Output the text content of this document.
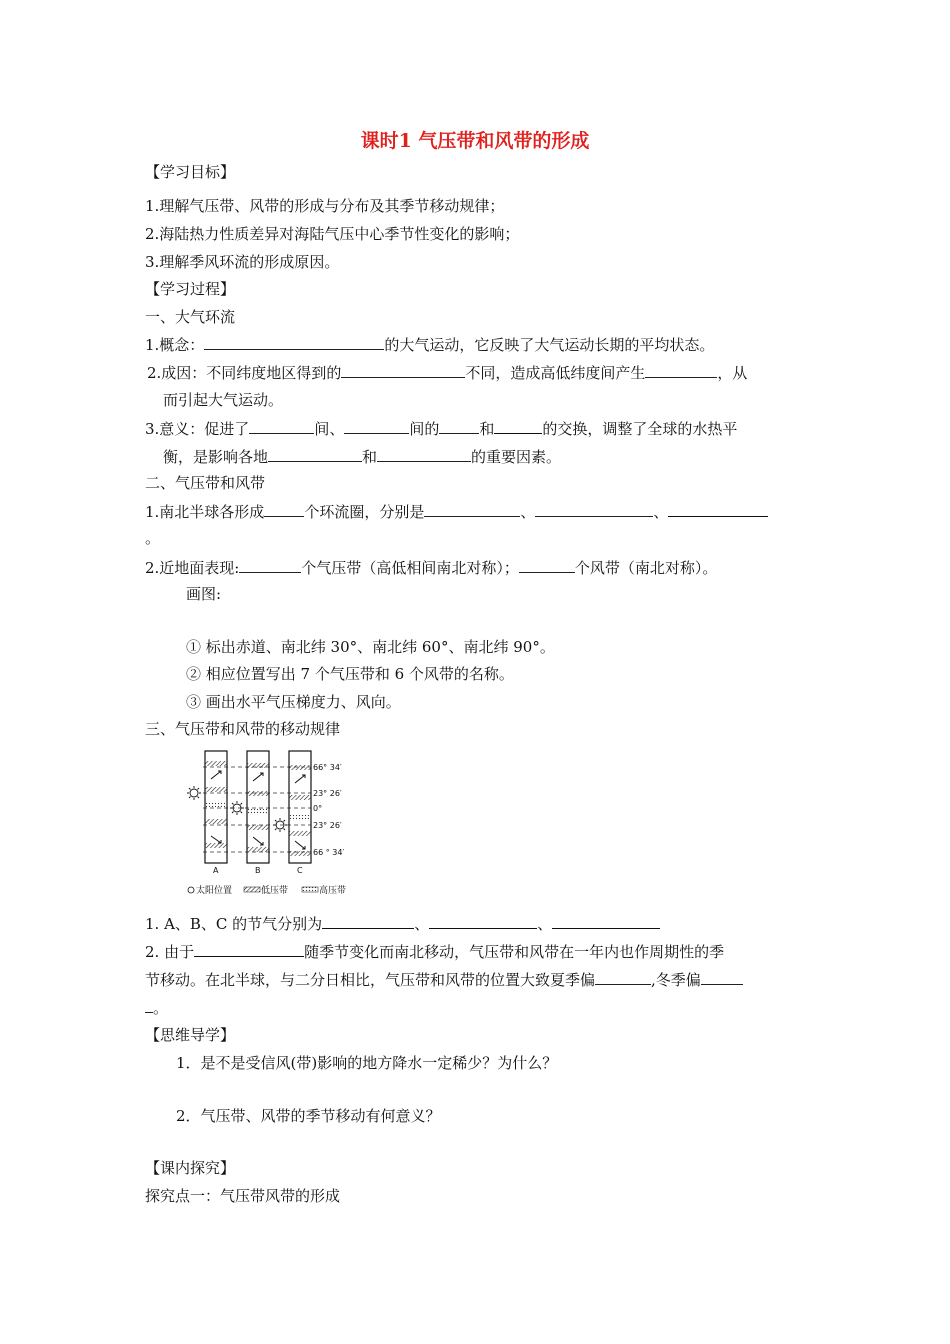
课时1 气压带和风带的形成
【学习目标】
1.理解气压带、风带的形成与分布及其季节移动规律；
2.海陆热力性质差异对海陆气压中心季节性变化的影响；
3.理解季风环流的形成原因。
【学习过程】
一、大气环流
1.概念：	的大气运动，它反映了大气运动长期的平均状态。
2.成因：不同纬度地区得到的	不同，造成高低纬度间产生	，从
而引起大气运动。
3.意义：促进了	间、	间的	和	的交换，调整了全球的水热平
衡，是影响各地	和	的重要因素。
二、气压带和风带
1.南北半球各形成	个环流圈，分别是	、	、
。
2.近地面表现:	个气压带（高低相间南北对称）；	个风带（南北对称）。
画图:
① 标出赤道、南北纬 30°、南北纬 60°、南北纬 90°。
② 相应位置写出 7 个气压带和 6 个风带的名称。
③ 画出水平气压梯度力、风向。
三、气压带和风带的移动规律
66° 34′
23° 26′
0°
23° 26′
66 ° 34′
A	B	C
太阳位置	低压带	高压带
1. A、B、C 的节气分别为	、	、
2. 由于	随季节变化而南北移动，气压带和风带在一年内也作周期性的季
节移动。在北半球，与二分日相比，气压带和风带的位置大致夏季偏	,冬季偏
。
【思维导学】
1．是不是受信风(带)影响的地方降水一定稀少？为什么？
2．气压带、风带的季节移动有何意义？
【课内探究】
探究点一：气压带风带的形成
